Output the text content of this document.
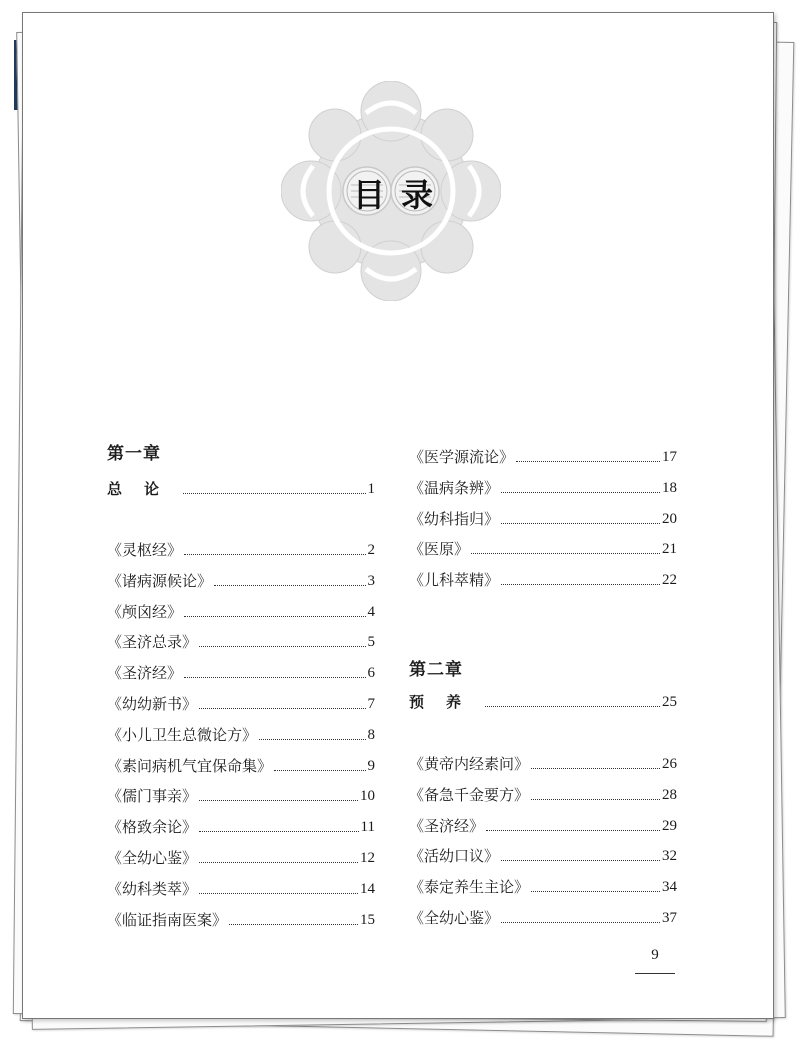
目 录
第一章
总论	1
《灵枢经》	2
《诸病源候论》	3
《颅囟经》	4
《圣济总录》	5
《圣济经》	6
《幼幼新书》	7
《小儿卫生总微论方》	8
《素问病机气宜保命集》	9
《儒门事亲》	10
《格致余论》	11
《全幼心鉴》	12
《幼科类萃》	14
《临证指南医案》	15
《医学源流论》	17
《温病条辨》	18
《幼科指归》	20
《医原》	21
《儿科萃精》	22
第二章
预养	25
《黄帝内经素问》	26
《备急千金要方》	28
《圣济经》	29
《活幼口议》	32
《泰定养生主论》	34
《全幼心鉴》	37
9
